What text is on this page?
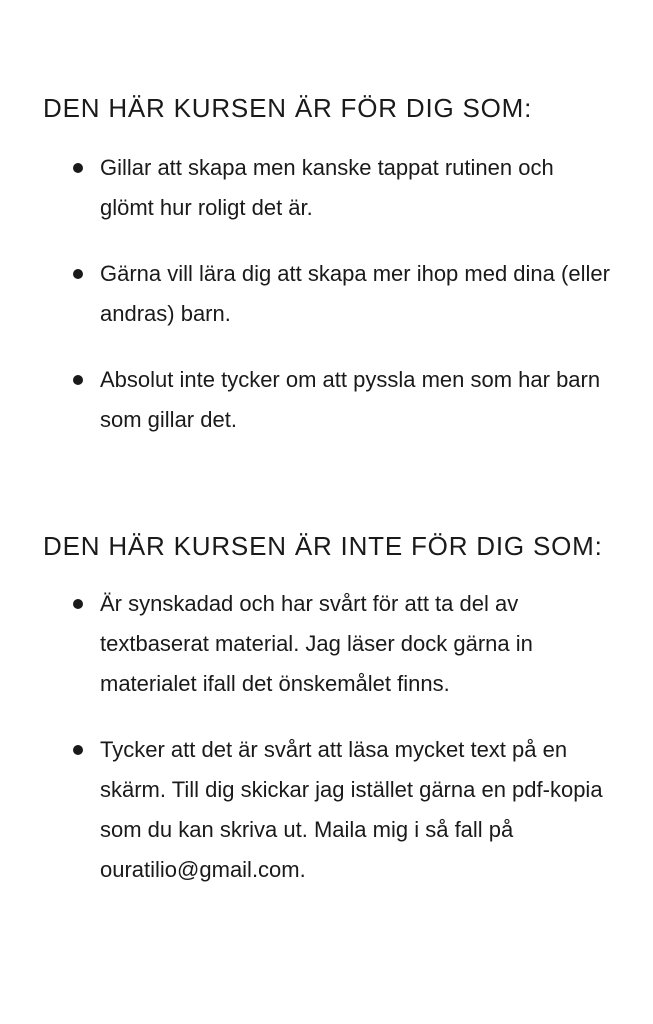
DEN HÄR KURSEN ÄR FÖR DIG SOM:
Gillar att skapa men kanske tappat rutinen och glömt hur roligt det är.
Gärna vill lära dig att skapa mer ihop med dina (eller andras) barn.
Absolut inte tycker om att pyssla men som har barn som gillar det.
DEN HÄR KURSEN ÄR INTE FÖR DIG SOM:
Är synskadad och har svårt för att ta del av textbaserat material. Jag läser dock gärna in materialet ifall det önskemålet finns.
Tycker att det är svårt att läsa mycket text på en skärm. Till dig skickar jag istället gärna en pdf-kopia som du kan skriva ut. Maila mig i så fall på ouratilio@gmail.com.
